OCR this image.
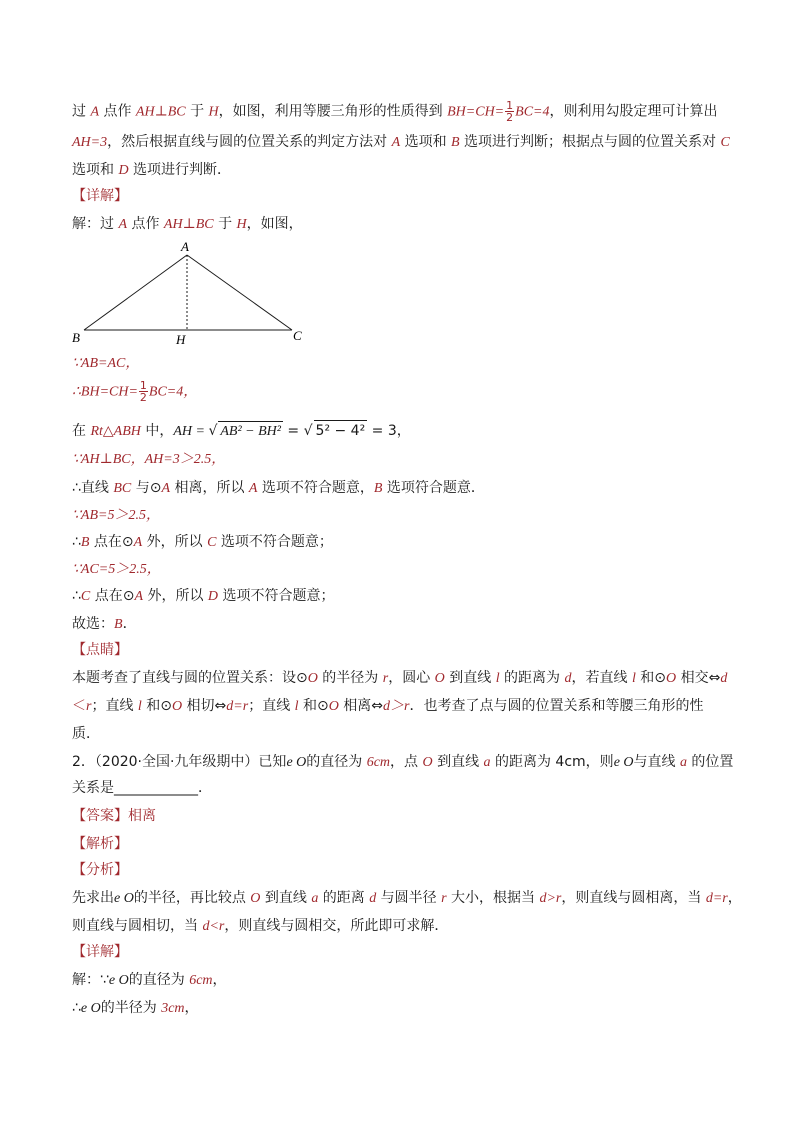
过 A 点作 AH⊥BC 于 H，如图，利用等腰三角形的性质得到 $BH=CH= \frac{1}{2} BC=4$，则利用勾股定理可计算出
AH=3，然后根据直线与圆的位置关系的判定方法对 A 选项和 B 选项进行判断；根据点与圆的位置关系对 C
选项和 D 选项进行判断．
【详解】
解：过 A 点作 AH⊥BC 于 H，如图，
A
B	H	C
∵AB=AC，
∴BH=CH= $\frac{1}{2} BC=4$，
在 Rt△ABH 中，AH = √ AB² − BH² = √ 5² − 4² = 3，
∵AH⊥BC，AH=3＞2.5，
∴直线 BC 与⊙A 相离，所以 A 选项不符合题意，B 选项符合题意．
∵AB=5＞2.5，
∴B 点在⊙A 外，所以 C 选项不符合题意；
∵AC=5＞2.5，
∴C 点在⊙A 外，所以 D 选项不符合题意；
故选：B．
【点睛】
本题考查了直线与圆的位置关系：设⊙O 的半径为 r，圆心 O 到直线 l 的距离为 d，若直线 l 和⊙O 相交⇔d
＜r；直线 l 和⊙O 相切⇔d=r；直线 l 和⊙O 相离⇔d＞r．也考查了点与圆的位置关系和等腰三角形的性
质．
2．（2020·全国·九年级期中）已知e O的直径为 6cm，点 O 到直线 a 的距离为 4cm，则e O与直线 a 的位置
关系是____________．
【答案】相离
【解析】
【分析】
先求出e O的半径，再比较点 O 到直线 a 的距离 d 与圆半径 r 大小，根据当 d>r，则直线与圆相离，当 d=r，
则直线与圆相切，当 d<r，则直线与圆相交，所此即可求解．
【详解】
解：∵e O的直径为 6cm，
∴e O的半径为 3cm，
